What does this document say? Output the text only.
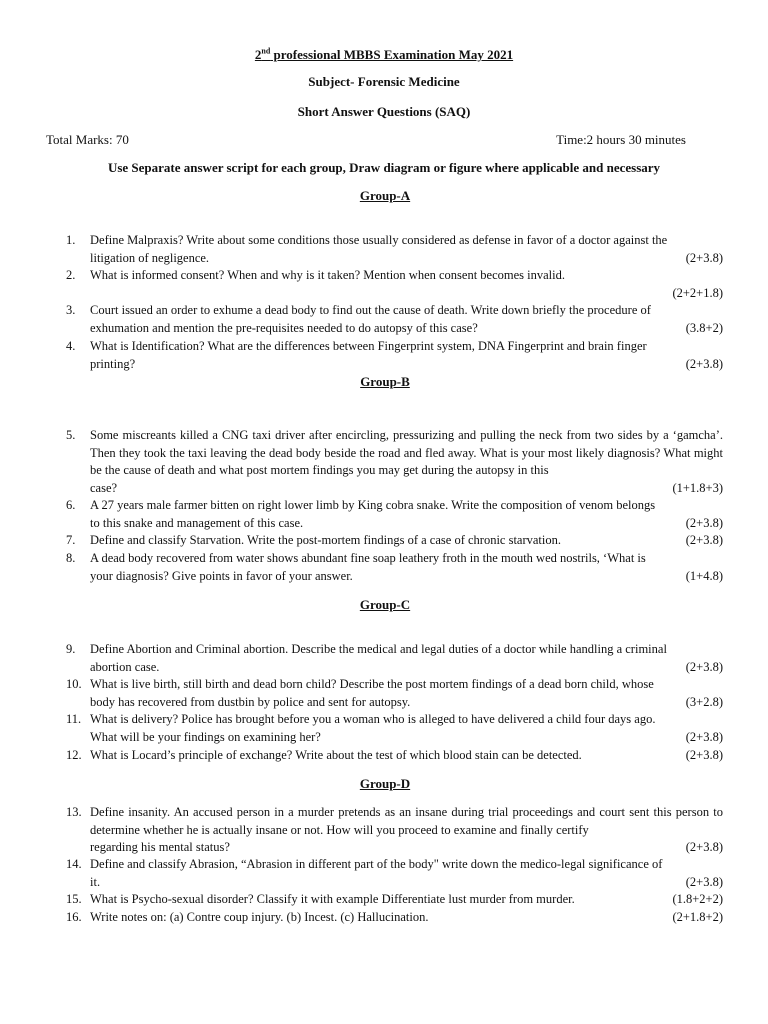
2nd professional MBBS Examination May 2021
Subject- Forensic Medicine
Short Answer Questions (SAQ)
Total Marks: 70	Time:2 hours 30 minutes
Use Separate answer script for each group, Draw diagram or figure where applicable and necessary
Group-A
1. Define Malpraxis? Write about some conditions those usually considered as defense in favor of a doctor against the
litigation of negligence.	(2+3.8)
2. What is informed consent? When and why is it taken? Mention when consent becomes invalid.
(2+2+1.8)
3. Court issued an order to exhume a dead body to find out the cause of death. Write down briefly the procedure of
exhumation and mention the pre-requisites needed to do autopsy of this case?	(3.8+2)
4. What is Identification? What are the differences between Fingerprint system, DNA Fingerprint and brain finger
printing?	(2+3.8)
Group-B
5. Some miscreants killed a CNG taxi driver after encircling, pressurizing and pulling the neck from two sides by a ‘gamcha’. Then they took the taxi leaving the dead body beside the road and fled away. What is your most likely diagnosis? What might be the cause of death and what post mortem findings you may get during the autopsy in this
case?	(1+1.8+3)
6. A 27 years male farmer bitten on right lower limb by King cobra snake. Write the composition of venom belongs
to this snake and management of this case.	(2+3.8)
7. Define and classify Starvation. Write the post-mortem findings of a case of chronic starvation.	(2+3.8)
8. A dead body recovered from water shows abundant fine soap leathery froth in the mouth wed nostrils, ‘What is
your diagnosis? Give points in favor of your answer.	(1+4.8)
Group-C
9. Define Abortion and Criminal abortion. Describe the medical and legal duties of a doctor while handling a criminal
abortion case.	(2+3.8)
10. What is live birth, still birth and dead born child? Describe the post mortem findings of a dead born child, whose
body has recovered from dustbin by police and sent for autopsy.	(3+2.8)
11. What is delivery? Police has brought before you a woman who is alleged to have delivered a child four days ago.
What will be your findings on examining her?	(2+3.8)
12. What is Locard’s principle of exchange? Write about the test of which blood stain can be detected.	(2+3.8)
Group-D
13. Define insanity. An accused person in a murder pretends as an insane during trial proceedings and court sent this person to determine whether he is actually insane or not. How will you proceed to examine and finally certify
regarding his mental status?	(2+3.8)
14. Define and classify Abrasion, “Abrasion in different part of the body" write down the medico-legal significance of
it.	(2+3.8)
15. What is Psycho-sexual disorder? Classify it with example Differentiate lust murder from murder.	(1.8+2+2)
16. Write notes on: (a) Contre coup injury. (b) Incest. (c) Hallucination.	(2+1.8+2)
